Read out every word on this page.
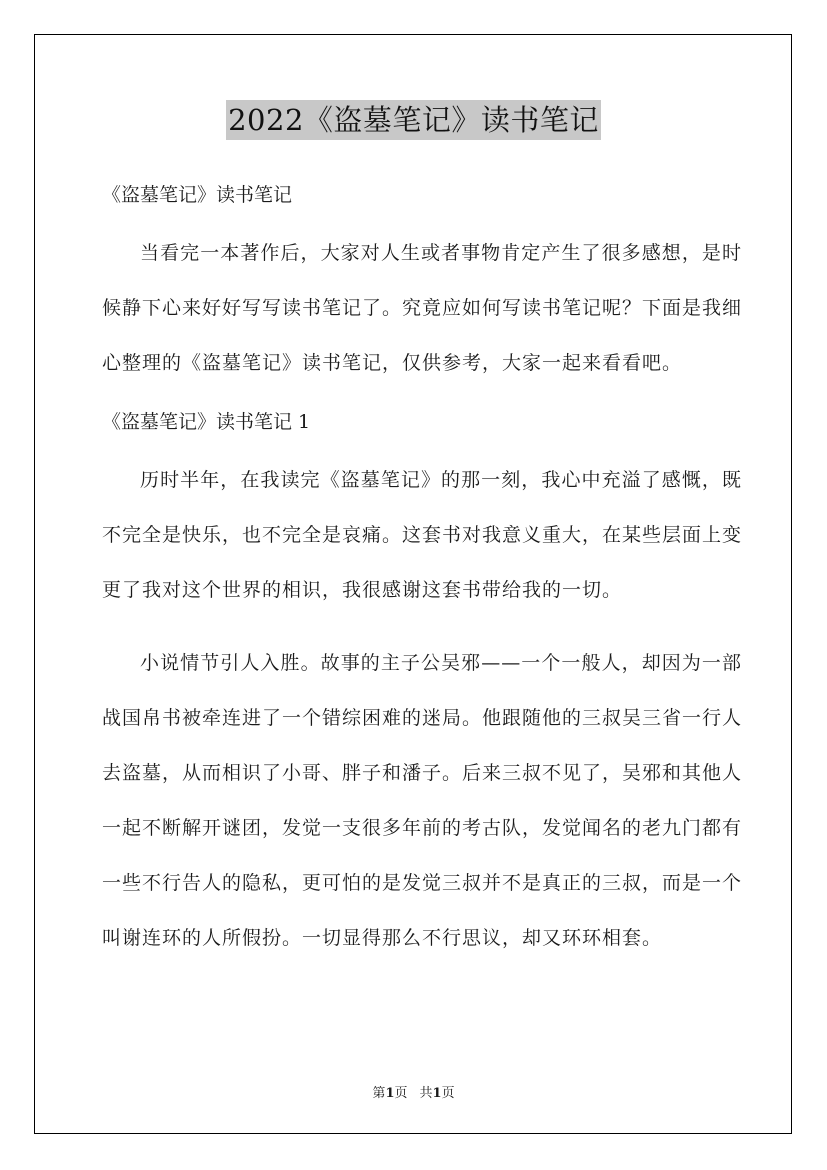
2022《盗墓笔记》读书笔记

《盗墓笔记》读书笔记

当看完一本著作后，大家对人生或者事物肯定产生了很多感想，是时候静下心来好好写写读书笔记了。究竟应如何写读书笔记呢？下面是我细心整理的《盗墓笔记》读书笔记，仅供参考，大家一起来看看吧。

《盗墓笔记》读书笔记 1

历时半年，在我读完《盗墓笔记》的那一刻，我心中充溢了感慨，既不完全是快乐，也不完全是哀痛。这套书对我意义重大，在某些层面上变更了我对这个世界的相识，我很感谢这套书带给我的一切。

小说情节引人入胜。故事的主子公吴邪——一个一般人，却因为一部战国帛书被牵连进了一个错综困难的迷局。他跟随他的三叔吴三省一行人去盗墓，从而相识了小哥、胖子和潘子。后来三叔不见了，吴邪和其他人一起不断解开谜团，发觉一支很多年前的考古队，发觉闻名的老九门都有一些不行告人的隐私，更可怕的是发觉三叔并不是真正的三叔，而是一个叫谢连环的人所假扮。一切显得那么不行思议，却又环环相套。

第1页 共1页
